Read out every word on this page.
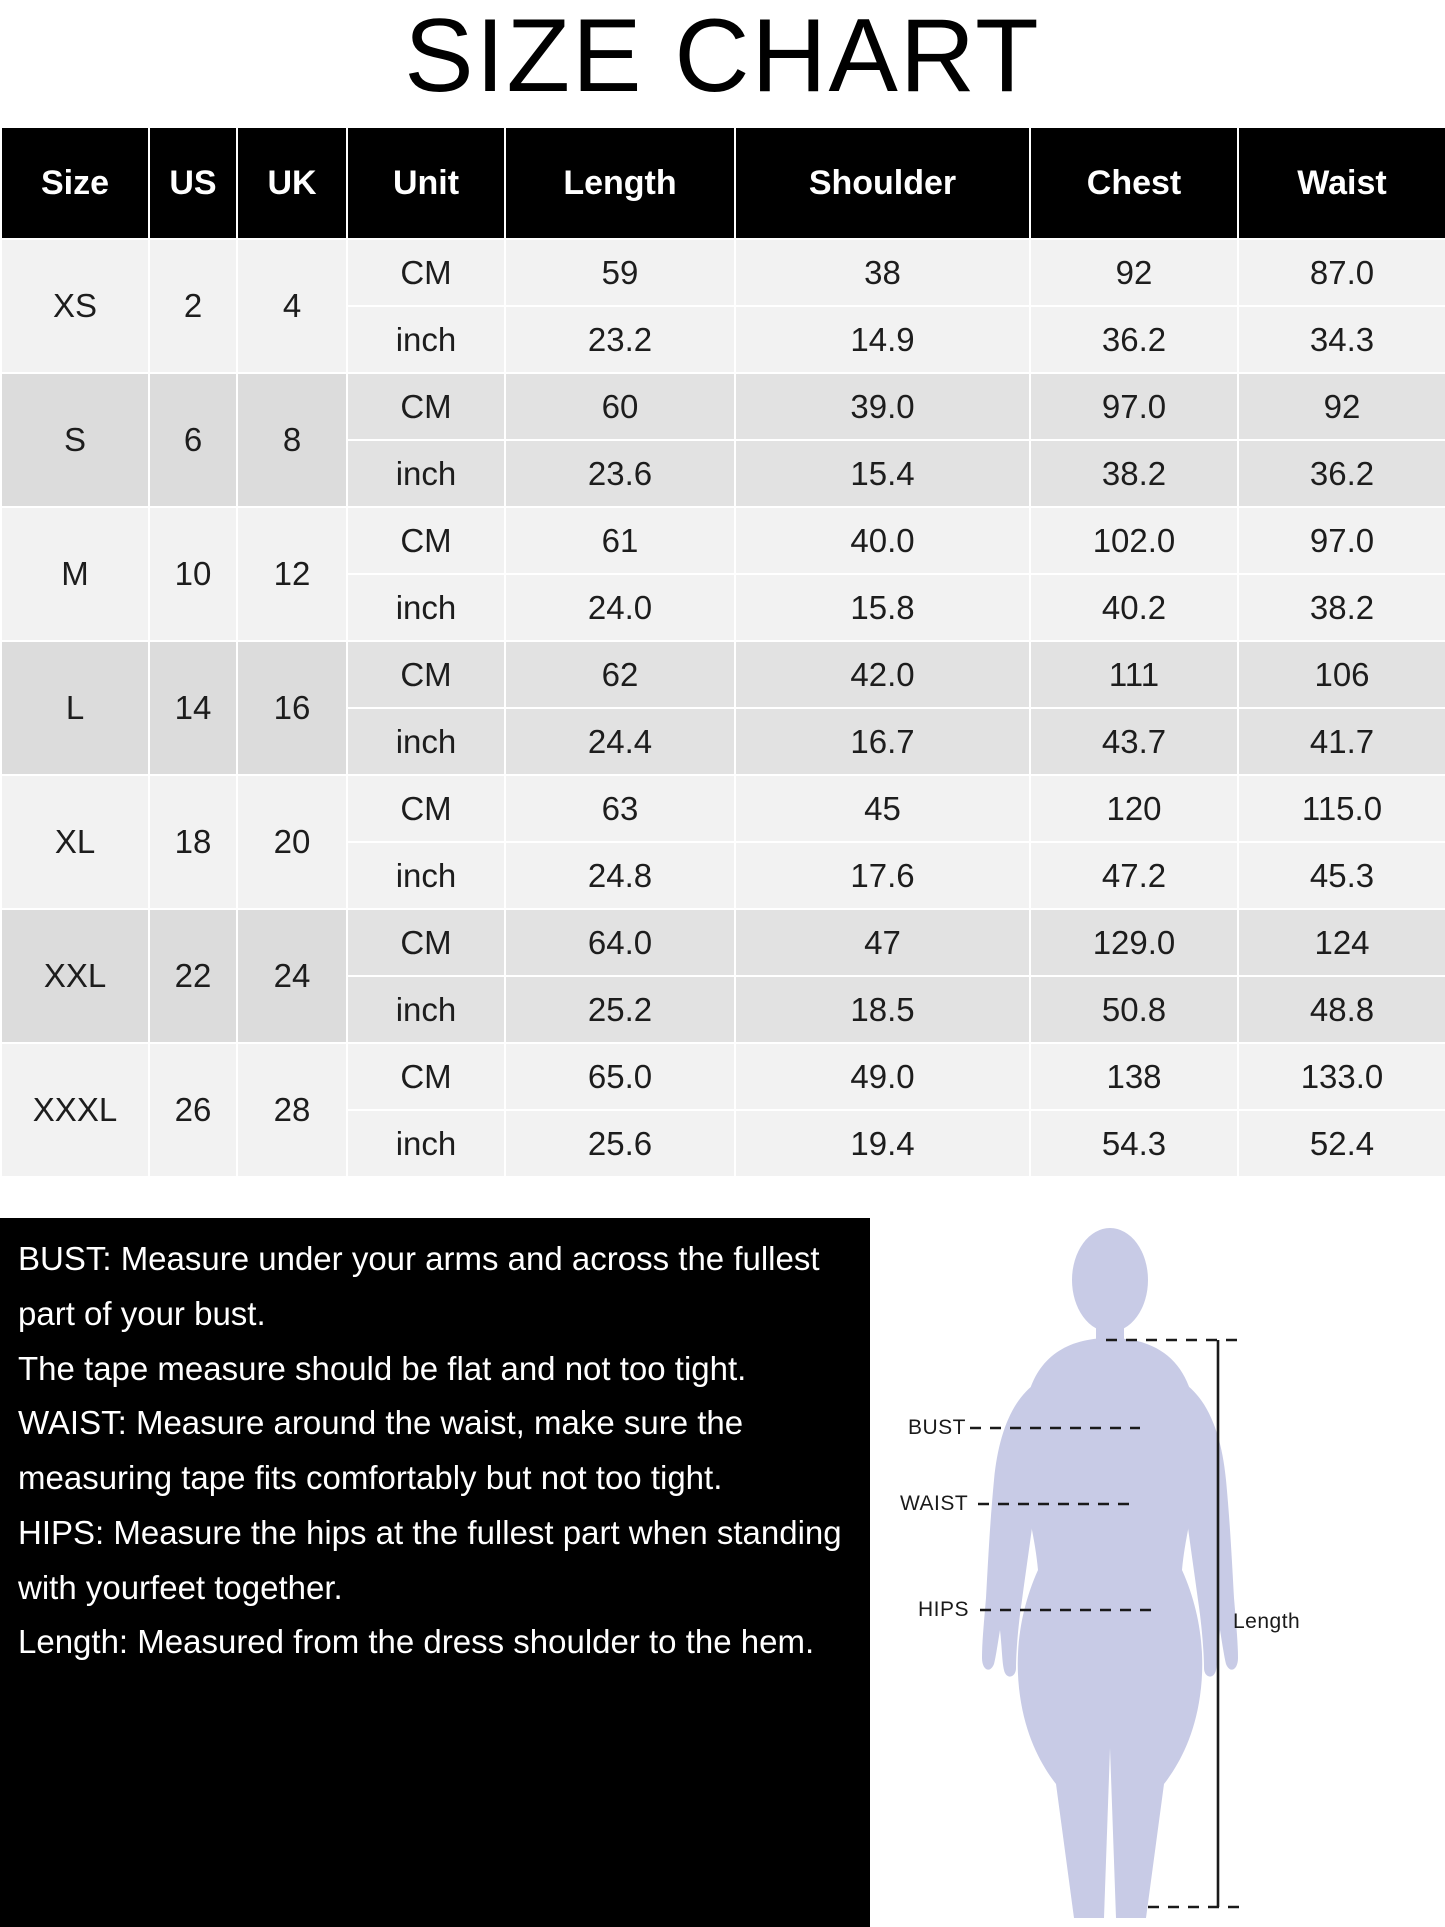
SIZE CHART
Size	US	UK	Unit	Length	Shoulder	Chest	Waist
XS	2	4	CM	59	38	92	87.0
			inch	23.2	14.9	36.2	34.3
S	6	8	CM	60	39.0	97.0	92
			inch	23.6	15.4	38.2	36.2
M	10	12	CM	61	40.0	102.0	97.0
			inch	24.0	15.8	40.2	38.2
L	14	16	CM	62	42.0	111	106
			inch	24.4	16.7	43.7	41.7
XL	18	20	CM	63	45	120	115.0
			inch	24.8	17.6	47.2	45.3
XXL	22	24	CM	64.0	47	129.0	124
			inch	25.2	18.5	50.8	48.8
XXXL	26	28	CM	65.0	49.0	138	133.0
			inch	25.6	19.4	54.3	52.4

BUST: Measure under your arms and across the fullest part of your bust.

The tape measure should be flat and not too tight.

WAIST: Measure around the waist, make sure the measuring tape fits comfortably but not too tight.

HIPS: Measure the hips at the fullest part when standing with yourfeet together.

Length: Measured from the dress shoulder to the hem.

BUST
WAIST
HIPS
Length
